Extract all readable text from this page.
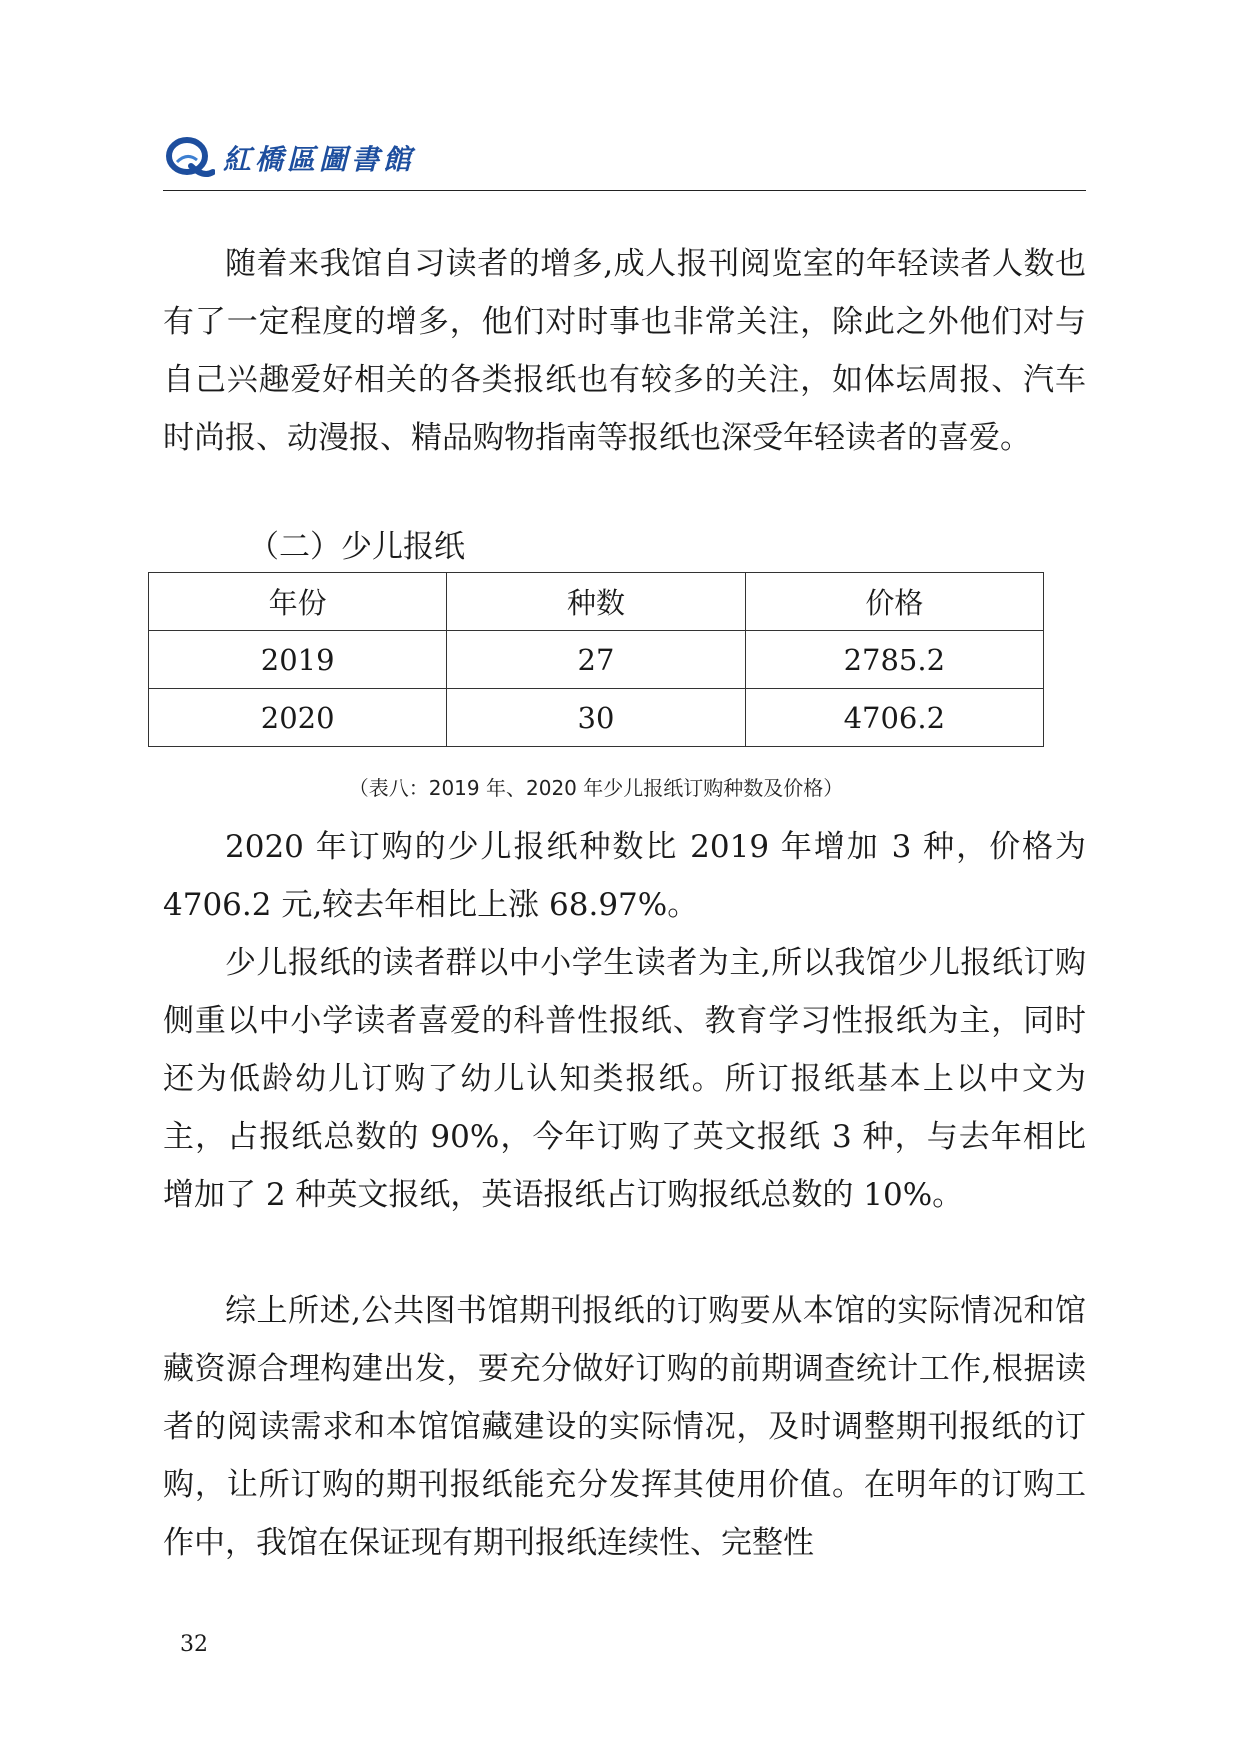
紅橋區圖書館
随着来我馆自习读者的增多,成人报刊阅览室的年轻读者人数也有了一定程度的增多，他们对时事也非常关注，除此之外他们对与自己兴趣爱好相关的各类报纸也有较多的关注，如体坛周报、汽车时尚报、动漫报、精品购物指南等报纸也深受年轻读者的喜爱。
（二）少儿报纸
年份	种数	价格
2019	27	2785.2
2020	30	4706.2
（表八：2019 年、2020 年少儿报纸订购种数及价格）
2020 年订购的少儿报纸种数比 2019 年增加 3 种，价格为 4706.2 元,较去年相比上涨 68.97%。
少儿报纸的读者群以中小学生读者为主,所以我馆少儿报纸订购侧重以中小学读者喜爱的科普性报纸、教育学习性报纸为主，同时还为低龄幼儿订购了幼儿认知类报纸。所订报纸基本上以中文为主，占报纸总数的 90%，今年订购了英文报纸 3 种，与去年相比增加了 2 种英文报纸，英语报纸占订购报纸总数的 10%。
综上所述,公共图书馆期刊报纸的订购要从本馆的实际情况和馆藏资源合理构建出发，要充分做好订购的前期调查统计工作,根据读者的阅读需求和本馆馆藏建设的实际情况，及时调整期刊报纸的订购，让所订购的期刊报纸能充分发挥其使用价值。在明年的订购工作中，我馆在保证现有期刊报纸连续性、完整性
32
